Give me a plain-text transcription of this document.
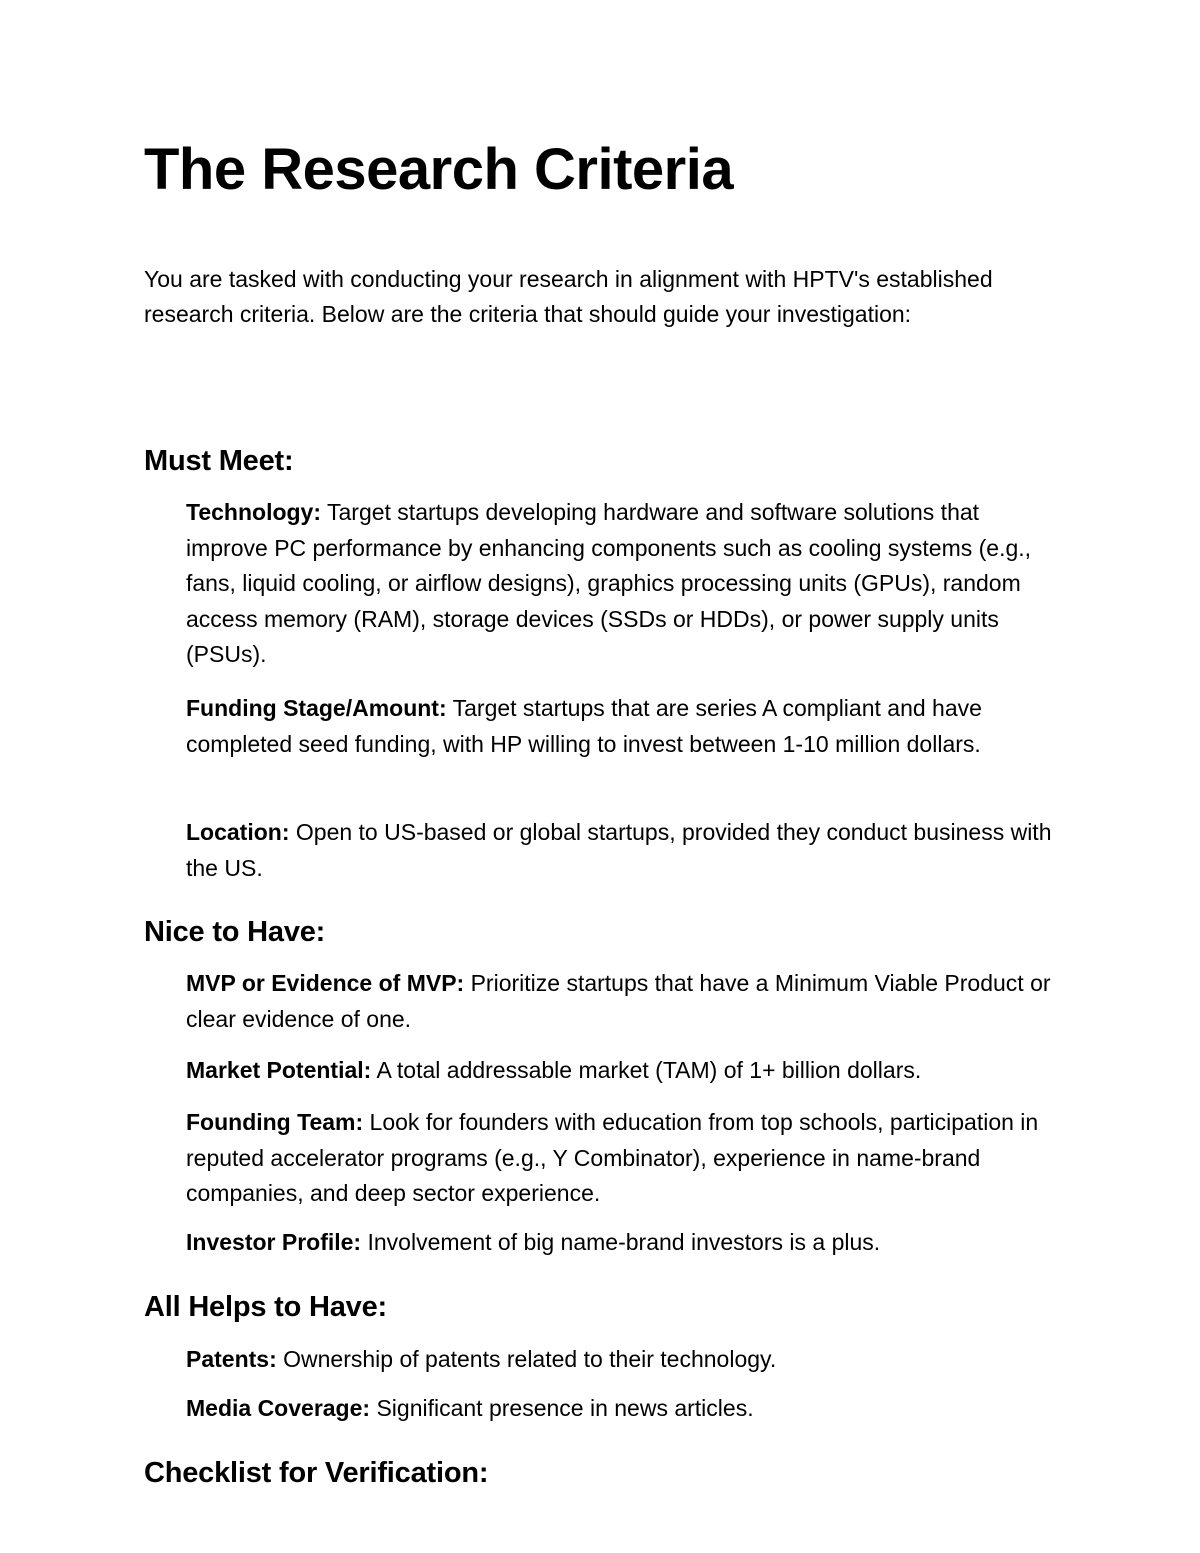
The Research Criteria

You are tasked with conducting your research in alignment with HPTV's established research criteria. Below are the criteria that should guide your investigation:

Must Meet:

Technology: Target startups developing hardware and software solutions that improve PC performance by enhancing components such as cooling systems (e.g., fans, liquid cooling, or airflow designs), graphics processing units (GPUs), random access memory (RAM), storage devices (SSDs or HDDs), or power supply units (PSUs).

Funding Stage/Amount: Target startups that are series A compliant and have completed seed funding, with HP willing to invest between 1-10 million dollars.

Location: Open to US-based or global startups, provided they conduct business with the US.

Nice to Have:

MVP or Evidence of MVP: Prioritize startups that have a Minimum Viable Product or clear evidence of one.

Market Potential: A total addressable market (TAM) of 1+ billion dollars.

Founding Team: Look for founders with education from top schools, participation in reputed accelerator programs (e.g., Y Combinator), experience in name-brand companies, and deep sector experience.

Investor Profile: Involvement of big name-brand investors is a plus.

All Helps to Have:

Patents: Ownership of patents related to their technology.

Media Coverage: Significant presence in news articles.

Checklist for Verification:
